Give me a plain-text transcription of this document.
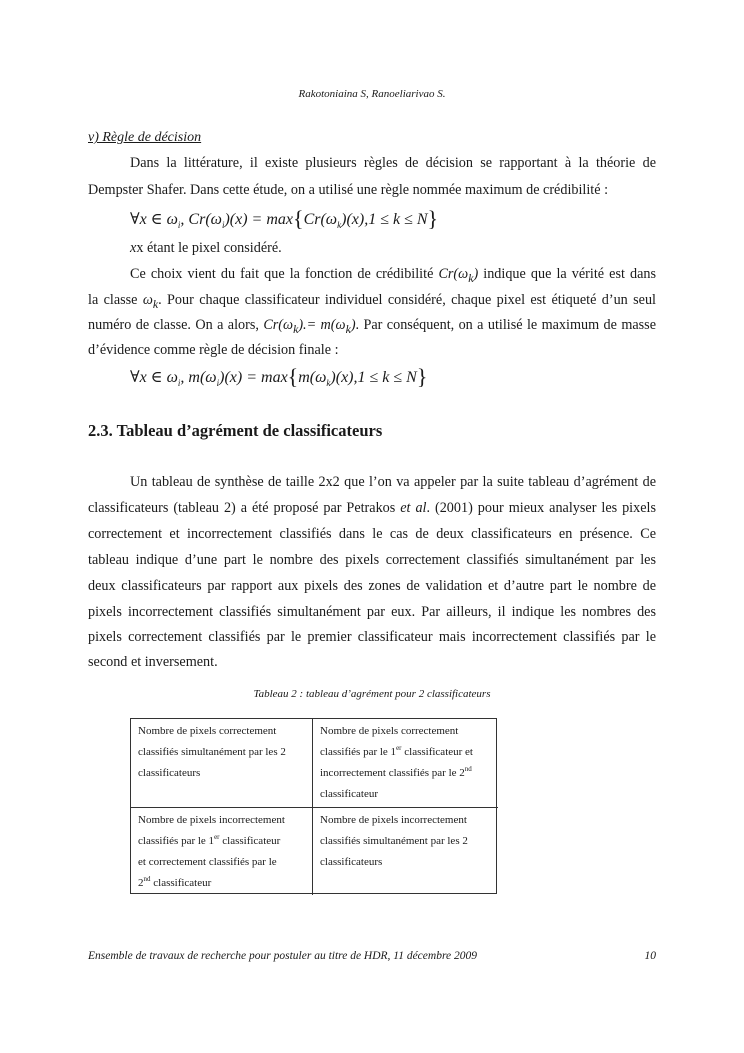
Rakotoniaina S, Ranoeliarivao S.
v) Règle de décision
Dans la littérature, il existe plusieurs règles de décision se rapportant à la théorie de
Dempster Shafer. Dans cette étude, on a utilisé une règle nommée maximum de crédibilité :
∀x ∈ $\omega_i$, $Cr(\omega_i)(x) = \max\{Cr(\omega_k)(x),1 \le k \le N\}$
xx étant le pixel considéré.
Ce choix vient du fait que la fonction de crédibilité $Cr(\omega_k)$ indique que la vérité est dans
la classe $\omega_k$. Pour chaque classificateur individuel considéré, chaque pixel est étiqueté d’un seul
numéro de classe. On a alors, $Cr(\omega_k).= m(\omega_k)$. Par conséquent, on a utilisé le maximum de masse
d’évidence comme règle de décision finale :
∀x ∈ $\omega_i$, $m(\omega_i)(x) = \max\{m(\omega_k)(x),1 \le k \le N\}$
2.3. Tableau d’agrément de classificateurs
Un tableau de synthèse de taille 2x2 que l’on va appeler par la suite tableau d’agrément de
classificateurs (tableau 2) a été proposé par Petrakos et al. (2001) pour mieux analyser les pixels
correctement et incorrectement classifiés dans le cas de deux classificateurs en présence. Ce
tableau indique d’une part le nombre des pixels correctement classifiés simultanément par les
deux classificateurs par rapport aux pixels des zones de validation et d’autre part le nombre de
pixels incorrectement classifiés simultanément par eux. Par ailleurs, il indique les nombres des
pixels correctement classifiés par le premier classificateur mais incorrectement classifiés par le
second et inversement.
Tableau 2 : tableau d’agrément pour 2 classificateurs
Nombre de pixels correctement
classifiés simultanément par les 2
classificateurs
Nombre de pixels correctement
classifiés par le 1er classificateur et
incorrectement classifiés par le 2nd
classificateur
Nombre de pixels incorrectement
classifiés par le 1er classificateur
et correctement classifiés par le
2nd classificateur
Nombre de pixels incorrectement
classifiés simultanément par les 2
classificateurs
Ensemble de travaux de recherche pour postuler au titre de HDR, 11 décembre 2009	10
